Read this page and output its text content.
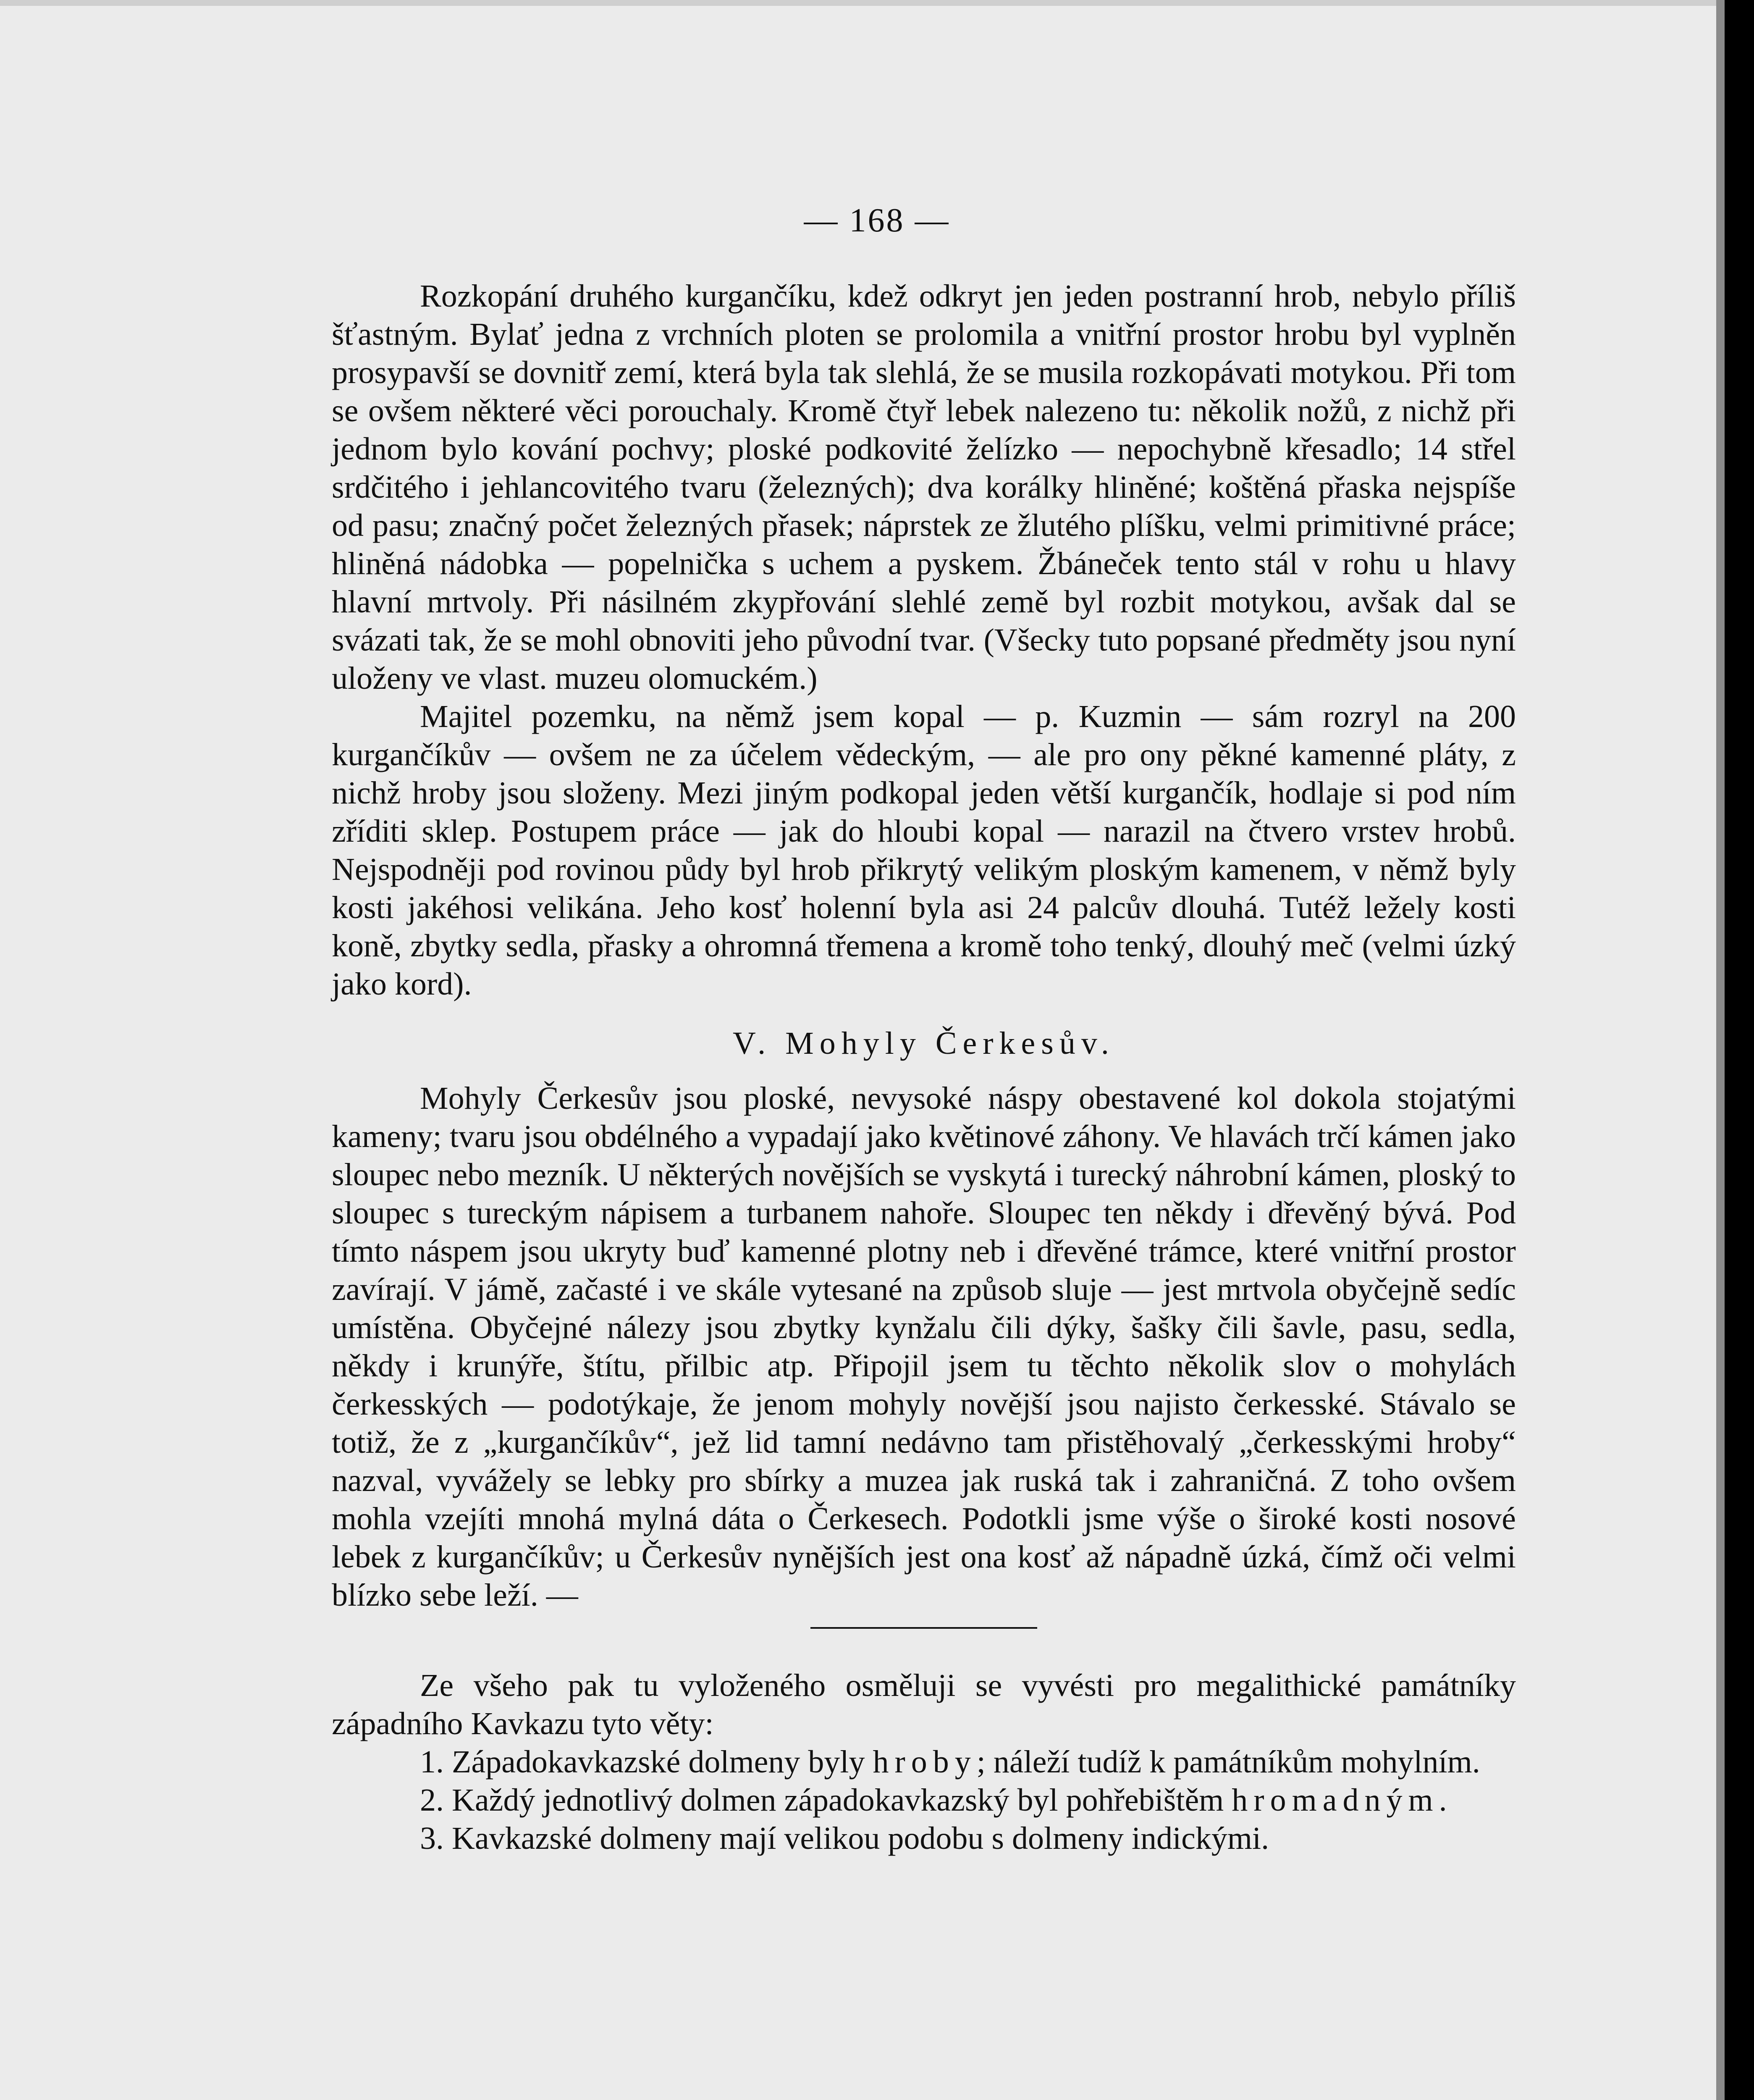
— 168 —

Rozkopání druhého kurgančíku, kdež odkryt jen jeden postranní hrob, nebylo příliš šťastným. Bylať jedna z vrchních ploten se prolomila a vnitřní prostor hrobu byl vyplněn prosypavší se dovnitř zemí, která byla tak slehlá, že se musila rozkopávati motykou. Při tom se ovšem některé věci porouchaly. Kromě čtyř lebek nalezeno tu: několik nožů, z nichž při jednom bylo kování pochvy; ploské podkovité želízko — nepochybně křesadlo; 14 střel srdčitého i jehlancovitého tvaru (železných); dva korálky hliněné; koštěná přaska nejspíše od pasu; značný počet železných přasek; náprstek ze žlutého plíšku, velmi primitivné práce; hliněná nádobka — popelnička s uchem a pyskem. Žbáneček tento stál v rohu u hlavy hlavní mrtvoly. Při násilném zkypřování slehlé země byl rozbit motykou, avšak dal se svázati tak, že se mohl obnoviti jeho původní tvar. (Všecky tuto popsané předměty jsou nyní uloženy ve vlast. muzeu olomuckém.)

Majitel pozemku, na němž jsem kopal — p. Kuzmin — sám rozryl na 200 kurgančíkův — ovšem ne za účelem vědeckým, — ale pro ony pěkné kamenné pláty, z nichž hroby jsou složeny. Mezi jiným podkopal jeden větší kurgančík, hodlaje si pod ním zříditi sklep. Postupem práce — jak do hloubi kopal — narazil na čtvero vrstev hrobů. Nejspodněji pod rovinou půdy byl hrob přikrytý velikým ploským kamenem, v němž byly kosti jakéhosi velikána. Jeho kosť holenní byla asi 24 palcův dlouhá. Tutéž ležely kosti koně, zbytky sedla, přasky a ohromná třemena a kromě toho tenký, dlouhý meč (velmi úzký jako kord).

V. Mohyly Čerkesův.

Mohyly Čerkesův jsou ploské, nevysoké náspy obestavené kol dokola stojatými kameny; tvaru jsou obdélného a vypadají jako květinové záhony. Ve hlavách trčí kámen jako sloupec nebo mezník. U některých novějších se vyskytá i turecký náhrobní kámen, ploský to sloupec s tureckým nápisem a turbanem nahoře. Sloupec ten někdy i dřevěný bývá. Pod tímto náspem jsou ukryty buď kamenné plotny neb i dřevěné trámce, které vnitřní prostor zavírají. V jámě, začasté i ve skále vytesané na způsob sluje — jest mrtvola obyčejně sedíc umístěna. Obyčejné nálezy jsou zbytky kynžalu čili dýky, šašky čili šavle, pasu, sedla, někdy i krunýře, štítu, přilbic atp. Připojil jsem tu těchto několik slov o mohylách čerkesských — podotýkaje, že jenom mohyly novější jsou najisto čerkesské. Stávalo se totiž, že z „kurgančíkův“, jež lid tamní nedávno tam přistěhovalý „čerkesskými hroby“ nazval, vyvážely se lebky pro sbírky a muzea jak ruská tak i zahraničná. Z toho ovšem mohla vzejíti mnohá mylná dáta o Čerkesech. Podotkli jsme výše o široké kosti nosové lebek z kurgančíkův; u Čerkesův nynějších jest ona kosť až nápadně úzká, čímž oči velmi blízko sebe leží. —

Ze všeho pak tu vyloženého osměluji se vyvésti pro megalithické památníky západního Kavkazu tyto věty:

1. Západokavkazské dolmeny byly hroby; náleží tudíž k památníkům mohylním.

2. Každý jednotlivý dolmen západokavkazský byl pohřebištěm hromadným.

3. Kavkazské dolmeny mají velikou podobu s dolmeny indickými.
